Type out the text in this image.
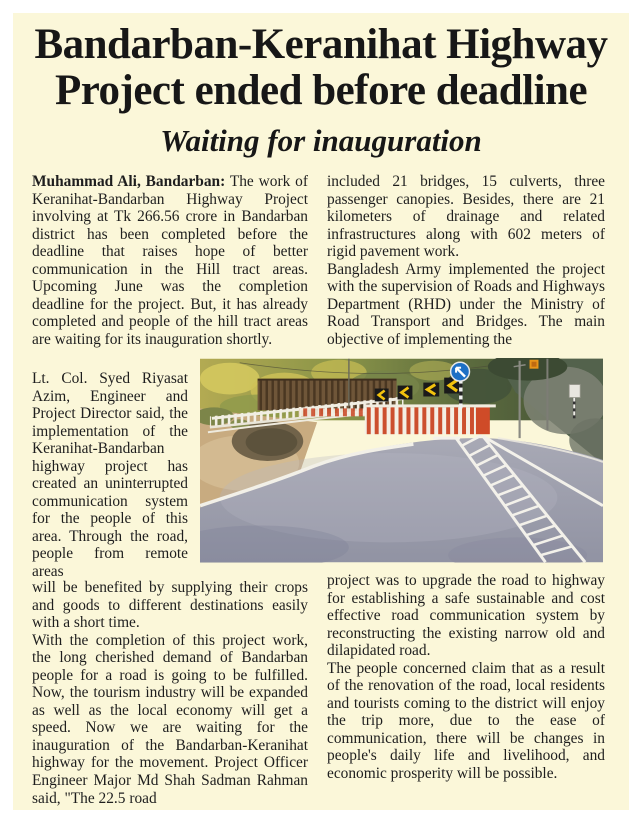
Bandarban-Keranihat Highway
Project ended before deadline
Waiting for inauguration

Muhammad Ali, Bandarban: The work of Keranihat-Bandarban Highway Project involving at Tk 266.56 crore in Bandarban district has been completed before the deadline that raises hope of better communication in the Hill tract areas. Upcoming June was the completion deadline for the project. But, it has already completed and people of the hill tract areas are waiting for its inauguration shortly.

Lt. Col. Syed Riyasat Azim, Engineer and Project Director said, the implementation of the Keranihat-Bandarban highway project has created an uninterrupted communication system for the people of this area. Through the road, people from remote areas

will be benefited by supplying their crops and goods to different destinations easily with a short time.

With the completion of this project work, the long cherished demand of Bandarban people for a road is going to be fulfilled. Now, the tourism industry will be expanded as well as the local economy will get a speed. Now we are waiting for the inauguration of the Bandarban-Keranihat highway for the movement. Project Officer Engineer Major Md Shah Sadman Rahman said, "The 22.5 road

included 21 bridges, 15 culverts, three passenger canopies. Besides, there are 21 kilometers of drainage and related infrastructures along with 602 meters of rigid pavement work.

Bangladesh Army implemented the project with the supervision of Roads and Highways Department (RHD) under the Ministry of Road Transport and Bridges. The main objective of implementing the

project was to upgrade the road to highway for establishing a safe sustainable and cost effective road communication system by reconstructing the existing narrow old and dilapidated road.

The people concerned claim that as a result of the renovation of the road, local residents and tourists coming to the district will enjoy the trip more, due to the ease of communication, there will be changes in people's daily life and livelihood, and economic prosperity will be possible.
